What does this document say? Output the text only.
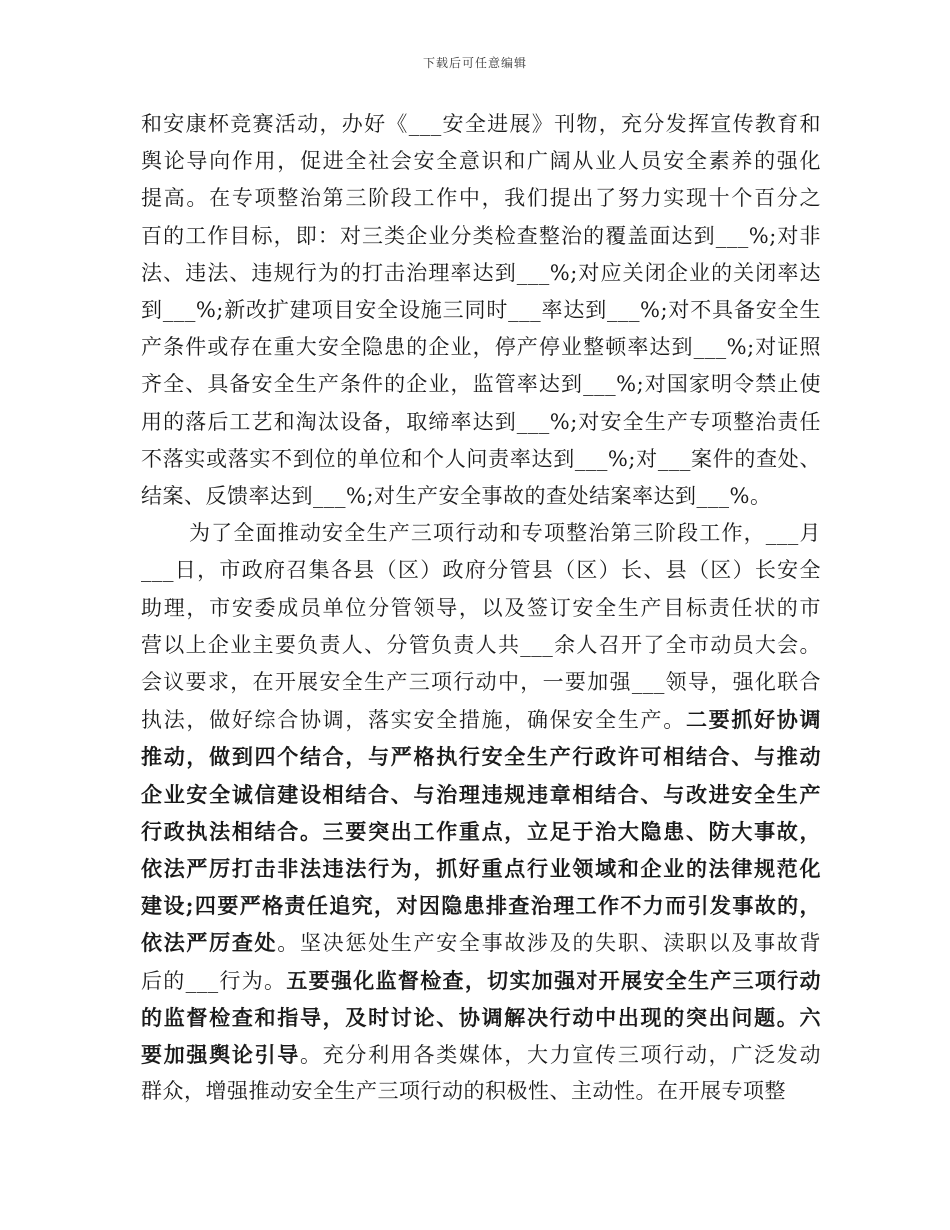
下载后可任意编辑
和安康杯竞赛活动，办好《___安全进展》刊物，充分发挥宣传教育和
舆论导向作用，促进全社会安全意识和广阔从业人员安全素养的强化
提高。在专项整治第三阶段工作中，我们提出了努力实现十个百分之
百的工作目标，即：对三类企业分类检查整治的覆盖面达到___%;对非
法、违法、违规行为的打击治理率达到___%;对应关闭企业的关闭率达
到___%;新改扩建项目安全设施三同时___率达到___%;对不具备安全生
产条件或存在重大安全隐患的企业，停产停业整顿率达到___%;对证照
齐全、具备安全生产条件的企业，监管率达到___%;对国家明令禁止使
用的落后工艺和淘汰设备，取缔率达到___%;对安全生产专项整治责任
不落实或落实不到位的单位和个人问责率达到___%;对___案件的查处、
结案、反馈率达到___%;对生产安全事故的查处结案率达到___%。
为了全面推动安全生产三项行动和专项整治第三阶段工作，___月
___日，市政府召集各县（区）政府分管县（区）长、县（区）长安全
助理，市安委成员单位分管领导，以及签订安全生产目标责任状的市
营以上企业主要负责人、分管负责人共___余人召开了全市动员大会。
会议要求，在开展安全生产三项行动中，一要加强___领导，强化联合
执法，做好综合协调，落实安全措施，确保安全生产。二要抓好协调
推动，做到四个结合，与严格执行安全生产行政许可相结合、与推动
企业安全诚信建设相结合、与治理违规违章相结合、与改进安全生产
行政执法相结合。三要突出工作重点，立足于治大隐患、防大事故，
依法严厉打击非法违法行为，抓好重点行业领域和企业的法律规范化
建设;四要严格责任追究，对因隐患排查治理工作不力而引发事故的，
依法严厉查处。坚决惩处生产安全事故涉及的失职、渎职以及事故背
后的___行为。五要强化监督检查，切实加强对开展安全生产三项行动
的监督检查和指导，及时讨论、协调解决行动中出现的突出问题。六
要加强舆论引导。充分利用各类媒体，大力宣传三项行动，广泛发动
群众，增强推动安全生产三项行动的积极性、主动性。在开展专项整
